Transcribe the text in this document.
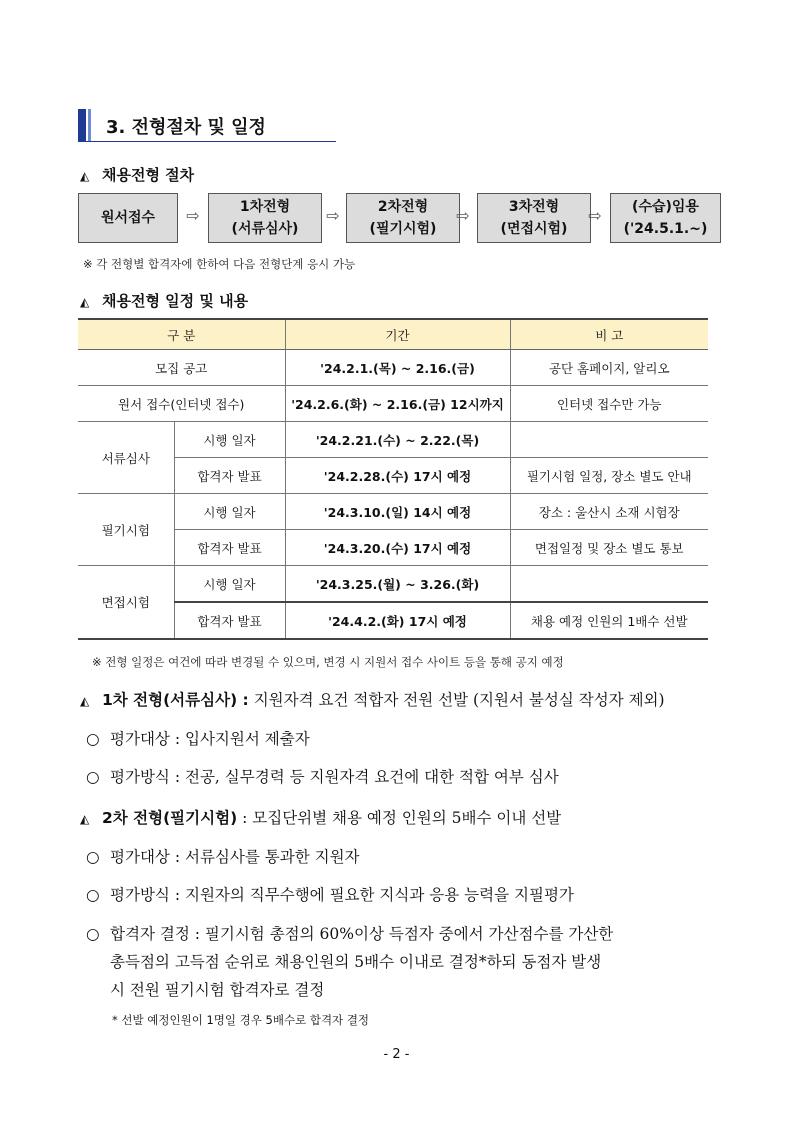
3. 전형절차 및 일정
◭ 채용전형 절차
원서접수 ⇨	1차전형
(서류심사)
⇨	2차전형
(필기시험)
⇨	3차전형
(면접시험)
⇨ (수습)임용
('24.5.1.~)
※ 각 전형별 합격자에 한하여 다음 전형단계 응시 가능
◭ 채용전형 일정 및 내용
구 분		기간	비 고
모집 공고		'24.2.1.(목) ~ 2.16.(금)	공단 홈페이지, 알리오
원서 접수(인터넷 접수)		'24.2.6.(화) ~ 2.16.(금) 12시까지	인터넷 접수만 가능
서류심사	시행 일자	'24.2.21.(수) ~ 2.22.(목)	
	합격자 발표	'24.2.28.(수) 17시 예정	필기시험 일정, 장소 별도 안내
필기시험	시행 일자	'24.3.10.(일) 14시 예정	장소 : 울산시 소재 시험장
	합격자 발표	'24.3.20.(수) 17시 예정	면접일정 및 장소 별도 통보
면접시험	시행 일자	'24.3.25.(월) ~ 3.26.(화)	
	합격자 발표	'24.4.2.(화) 17시 예정	채용 예정 인원의 1배수 선발
※ 전형 일정은 여건에 따라 변경될 수 있으며, 변경 시 지원서 접수 사이트 등을 통해 공지 예정
◭ 1차 전형(서류심사) : 지원자격 요건 적합자 전원 선발 (지원서 불성실 작성자 제외)
○ 평가대상 : 입사지원서 제출자
○ 평가방식 : 전공, 실무경력 등 지원자격 요건에 대한 적합 여부 심사
◭ 2차 전형(필기시험) : 모집단위별 채용 예정 인원의 5배수 이내 선발
○ 평가대상 : 서류심사를 통과한 지원자
○ 평가방식 : 지원자의 직무수행에 필요한 지식과 응용 능력을 지필평가
○ 합격자 결정 : 필기시험 총점의 60%이상 득점자 중에서 가산점수를 가산한
총득점의 고득점 순위로 채용인원의 5배수 이내로 결정*하되 동점자 발생
시 전원 필기시험 합격자로 결정
* 선발 예정인원이 1명일 경우 5배수로 합격자 결정
- 2 -
